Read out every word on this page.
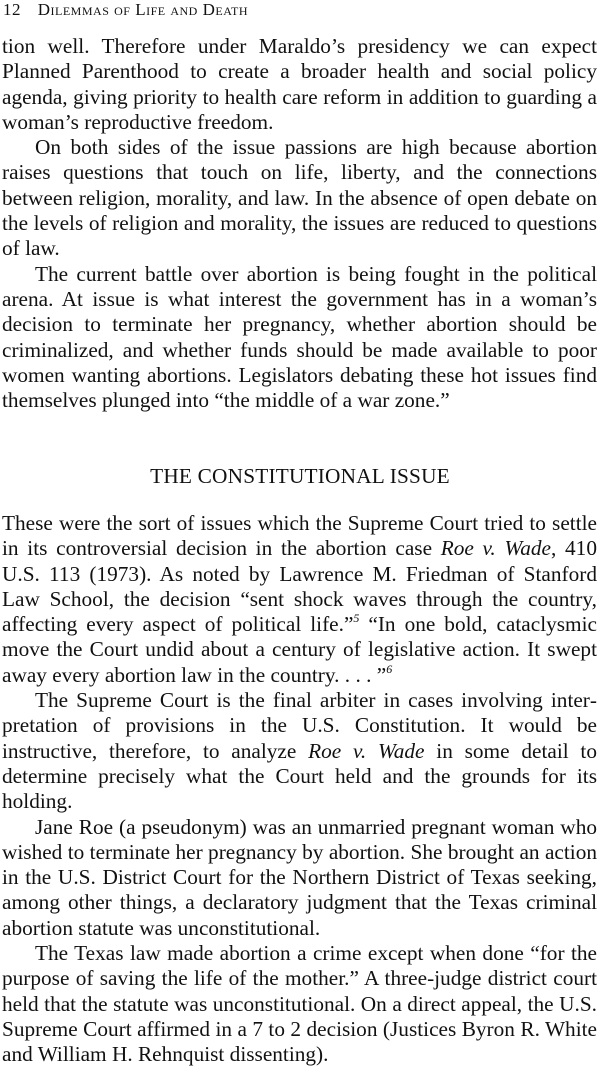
12 Dilemmas of Life and Death

tion well. Therefore under Maraldo’s presidency we can expect Planned Parenthood to create a broader health and social policy agenda, giving priority to health care reform in addition to guarding a woman’s reproductive freedom.

On both sides of the issue passions are high because abortion raises questions that touch on life, liberty, and the connections between religion, morality, and law. In the absence of open debate on the levels of religion and morality, the issues are reduced to questions of law.

The current battle over abortion is being fought in the political arena. At issue is what interest the government has in a woman’s decision to terminate her pregnancy, whether abortion should be criminalized, and whether funds should be made available to poor women wanting abortions. Legislators debating these hot issues find themselves plunged into “the middle of a war zone.”

THE CONSTITUTIONAL ISSUE

These were the sort of issues which the Supreme Court tried to settle in its controversial decision in the abortion case Roe v. Wade, 410 U.S. 113 (1973). As noted by Lawrence M. Friedman of Stanford Law School, the decision “sent shock waves through the country, affecting every aspect of political life.”$^5$ “In one bold, cataclysmic move the Court undid about a century of legislative action. It swept away every abortion law in the country. . . . ”$^6$

The Supreme Court is the final arbiter in cases involving interpretation of provisions in the U.S. Constitution. It would be instructive, therefore, to analyze Roe v. Wade in some detail to determine precisely what the Court held and the grounds for its holding.

Jane Roe (a pseudonym) was an unmarried pregnant woman who wished to terminate her pregnancy by abortion. She brought an action in the U.S. District Court for the Northern District of Texas seeking, among other things, a declaratory judgment that the Texas criminal abortion statute was unconstitutional.

The Texas law made abortion a crime except when done “for the purpose of saving the life of the mother.” A three-judge district court held that the statute was unconstitutional. On a direct appeal, the U.S. Supreme Court affirmed in a 7 to 2 decision (Justices Byron R. White and William H. Rehnquist dissenting).
